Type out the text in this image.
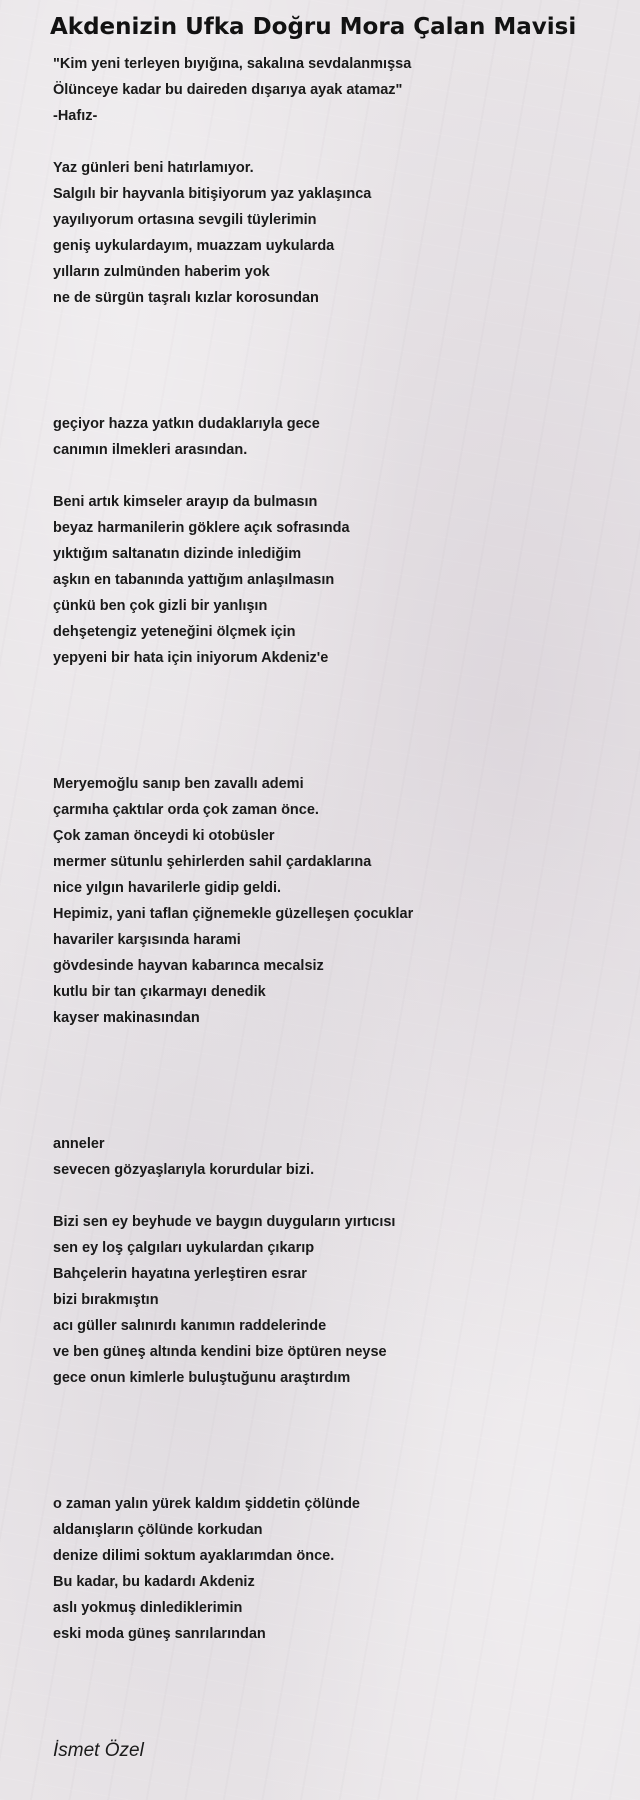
Akdenizin Ufka Doğru Mora Çalan Mavisi
"Kim yeni terleyen bıyığına, sakalına sevdalanmışsa
Ölünceye kadar bu daireden dışarıya ayak atamaz"
-Hafız-
Yaz günleri beni hatırlamıyor.
Salgılı bir hayvanla bitişiyorum yaz yaklaşınca
yayılıyorum ortasına sevgili tüylerimin
geniş uykulardayım, muazzam uykularda
yılların zulmünden haberim yok
ne de sürgün taşralı kızlar korosundan
geçiyor hazza yatkın dudaklarıyla gece
canımın ilmekleri arasından.
Beni artık kimseler arayıp da bulmasın
beyaz harmanilerin göklere açık sofrasında
yıktığım saltanatın dizinde inlediğim
aşkın en tabanında yattığım anlaşılmasın
çünkü ben çok gizli bir yanlışın
dehşetengiz yeteneğini ölçmek için
yepyeni bir hata için iniyorum Akdeniz'e
Meryemoğlu sanıp ben zavallı ademi
çarmıha çaktılar orda çok zaman önce.
Çok zaman önceydi ki otobüsler
mermer sütunlu şehirlerden sahil çardaklarına
nice yılgın havarilerle gidip geldi.
Hepimiz, yani taflan çiğnemekle güzelleşen çocuklar
havariler karşısında harami
gövdesinde hayvan kabarınca mecalsiz
kutlu bir tan çıkarmayı denedik
kayser makinasından
anneler
sevecen gözyaşlarıyla korurdular bizi.
Bizi sen ey beyhude ve baygın duyguların yırtıcısı
sen ey loş çalgıları uykulardan çıkarıp
Bahçelerin hayatına yerleştiren esrar
bizi bırakmıştın
acı güller salınırdı kanımın raddelerinde
ve ben güneş altında kendini bize öptüren neyse
gece onun kimlerle buluştuğunu araştırdım
o zaman yalın yürek kaldım şiddetin çölünde
aldanışların çölünde korkudan
denize dilimi soktum ayaklarımdan önce.
Bu kadar, bu kadardı Akdeniz
aslı yokmuş dinlediklerimin
eski moda güneş sanrılarından
İsmet Özel
